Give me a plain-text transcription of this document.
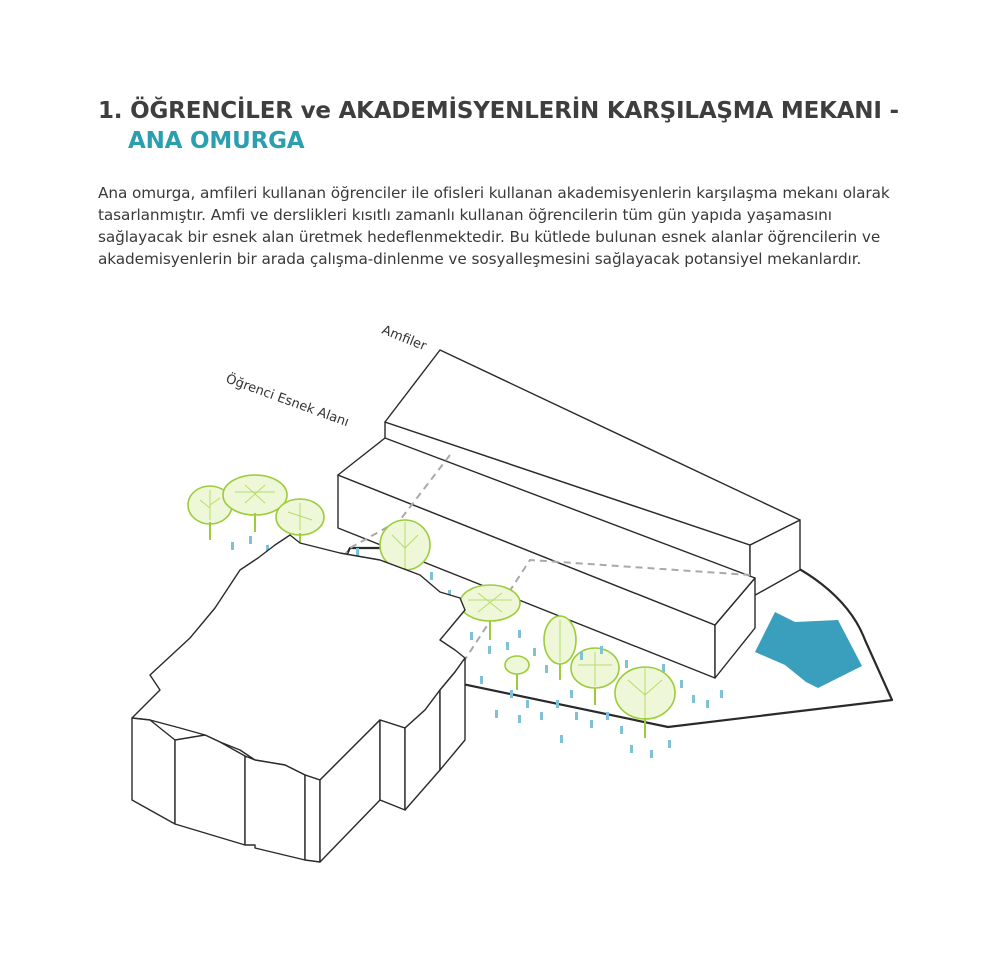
1. ÖĞRENCİLER ve AKADEMİSYENLERİN KARŞILAŞMA MEKANI -
ANA OMURGA

Ana omurga, amfileri kullanan öğrenciler ile ofisleri kullanan akademisyenlerin karşılaşma mekanı olarak tasarlanmıştır. Amfi ve derslikleri kısıtlı zamanlı kullanan öğrencilerin tüm gün yapıda yaşamasını sağlayacak bir esnek alan üretmek hedeflenmektedir. Bu kütlede bulunan esnek alanlar öğrencilerin ve akademisyenlerin bir arada çalışma-dinlenme ve sosyalleşmesini sağlayacak potansiyel mekanlardır.

Amfiler
Öğrenci Esnek Alanı
